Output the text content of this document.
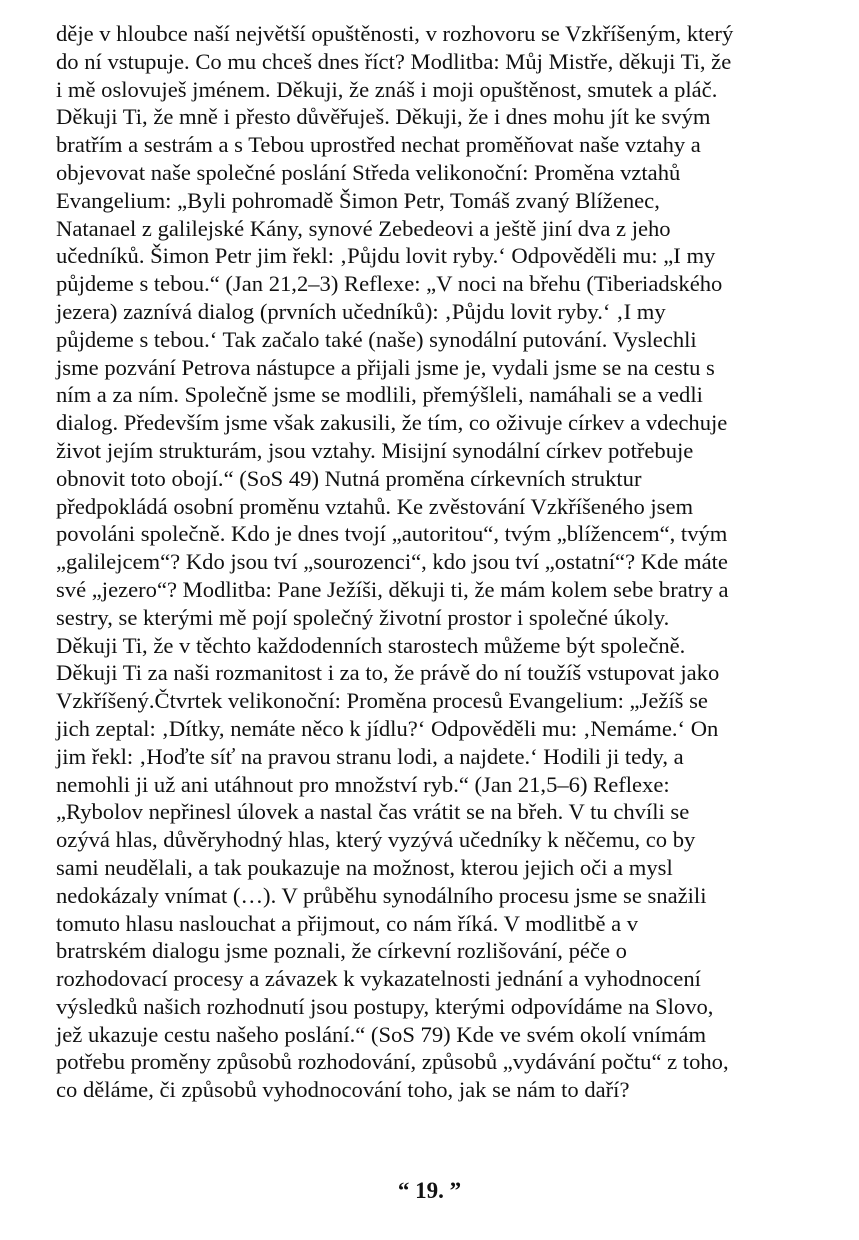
děje v hloubce naší největší opuštěnosti, v rozhovoru se Vzkříšeným, který
do ní vstupuje. Co mu chceš dnes říct? Modlitba: Můj Mistře, děkuji Ti, že
i mě oslovuješ jménem. Děkuji, že znáš i moji opuštěnost, smutek a pláč.
Děkuji Ti, že mně i přesto důvěřuješ. Děkuji, že i dnes mohu jít ke svým
bratřím a sestrám a s Tebou uprostřed nechat proměňovat naše vztahy a
objevovat naše společné poslání Středa velikonoční: Proměna vztahů
Evangelium: „Byli pohromadě Šimon Petr, Tomáš zvaný Blíženec,
Natanael z galilejské Kány, synové Zebedeovi a ještě jiní dva z jeho
učedníků. Šimon Petr jim řekl: ‚Půjdu lovit ryby.‘ Odpověděli mu: „I my
půjdeme s tebou.“ (Jan 21,2–3) Reflexe: „V noci na břehu (Tiberiadského
jezera) zaznívá dialog (prvních učedníků): ‚Půjdu lovit ryby.‘ ‚I my
půjdeme s tebou.‘ Tak začalo také (naše) synodální putování. Vyslechli
jsme pozvání Petrova nástupce a přijali jsme je, vydali jsme se na cestu s
ním a za ním. Společně jsme se modlili, přemýšleli, namáhali se a vedli
dialog. Především jsme však zakusili, že tím, co oživuje církev a vdechuje
život jejím strukturám, jsou vztahy. Misijní synodální církev potřebuje
obnovit toto obojí.“ (SoS 49) Nutná proměna církevních struktur
předpokládá osobní proměnu vztahů. Ke zvěstování Vzkříšeného jsem
povoláni společně. Kdo je dnes tvojí „autoritou“, tvým „blížencem“, tvým
„galilejcem“? Kdo jsou tví „sourozenci“, kdo jsou tví „ostatní“? Kde máte
své „jezero“? Modlitba: Pane Ježíši, děkuji ti, že mám kolem sebe bratry a
sestry, se kterými mě pojí společný životní prostor i společné úkoly.
Děkuji Ti, že v těchto každodenních starostech můžeme být společně.
Děkuji Ti za naši rozmanitost i za to, že právě do ní toužíš vstupovat jako
Vzkříšený.Čtvrtek velikonoční: Proměna procesů Evangelium: „Ježíš se
jich zeptal: ‚Dítky, nemáte něco k jídlu?‘ Odpověděli mu: ‚Nemáme.‘ On
jim řekl: ‚Hoďte síť na pravou stranu lodi, a najdete.‘ Hodili ji tedy, a
nemohli ji už ani utáhnout pro množství ryb.“ (Jan 21,5–6) Reflexe:
„Rybolov nepřinesl úlovek a nastal čas vrátit se na břeh. V tu chvíli se
ozývá hlas, důvěryhodný hlas, který vyzývá učedníky k něčemu, co by
sami neudělali, a tak poukazuje na možnost, kterou jejich oči a mysl
nedokázaly vnímat (…). V průběhu synodálního procesu jsme se snažili
tomuto hlasu naslouchat a přijmout, co nám říká. V modlitbě a v
bratrském dialogu jsme poznali, že církevní rozlišování, péče o
rozhodovací procesy a závazek k vykazatelnosti jednání a vyhodnocení
výsledků našich rozhodnutí jsou postupy, kterými odpovídáme na Slovo,
jež ukazuje cestu našeho poslání.“ (SoS 79) Kde ve svém okolí vnímám
potřebu proměny způsobů rozhodování, způsobů „vydávání počtu“ z toho,
co děláme, či způsobů vyhodnocování toho, jak se nám to daří?

“ 19. ”
